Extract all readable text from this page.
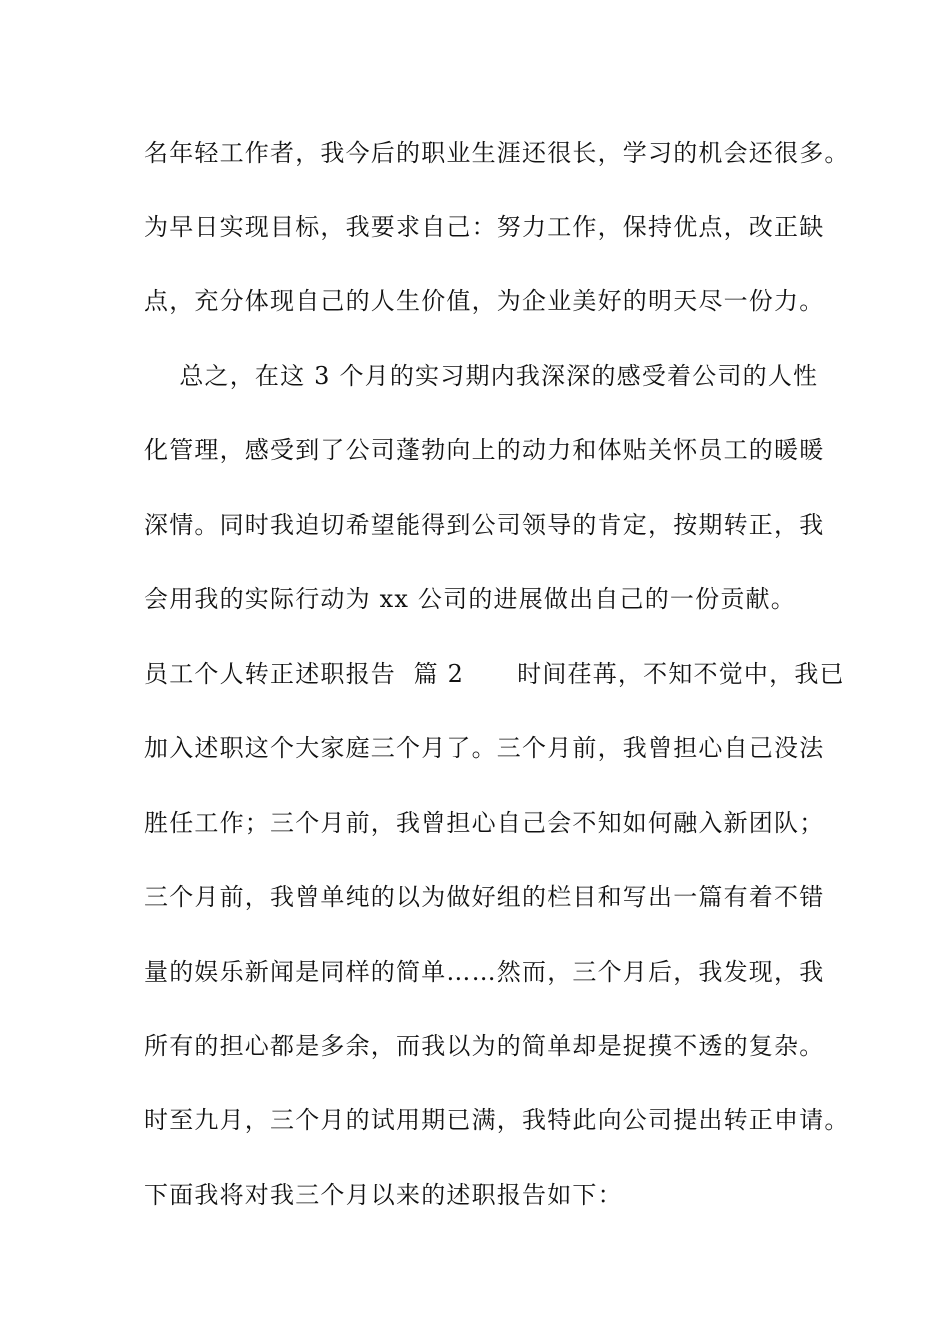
名年轻工作者，我今后的职业生涯还很长，学习的机会还很多。
为早日实现目标，我要求自己：努力工作，保持优点，改正缺
点，充分体现自己的人生价值，为企业美好的明天尽一份力。
总之，在这 3 个月的实习期内我深深的感受着公司的人性
化管理，感受到了公司蓬勃向上的动力和体贴关怀员工的暖暖
深情。同时我迫切希望能得到公司领导的肯定，按期转正，我
会用我的实际行动为 xx 公司的进展做出自己的一份贡献。
员工个人转正述职报告  篇 2      时间荏苒，不知不觉中，我已
加入述职这个大家庭三个月了。三个月前，我曾担心自己没法
胜任工作；三个月前，我曾担心自己会不知如何融入新团队；
三个月前，我曾单纯的以为做好组的栏目和写出一篇有着不错
量的娱乐新闻是同样的简单……然而，三个月后，我发现，我
所有的担心都是多余，而我以为的简单却是捉摸不透的复杂。
时至九月，三个月的试用期已满，我特此向公司提出转正申请。
下面我将对我三个月以来的述职报告如下：
